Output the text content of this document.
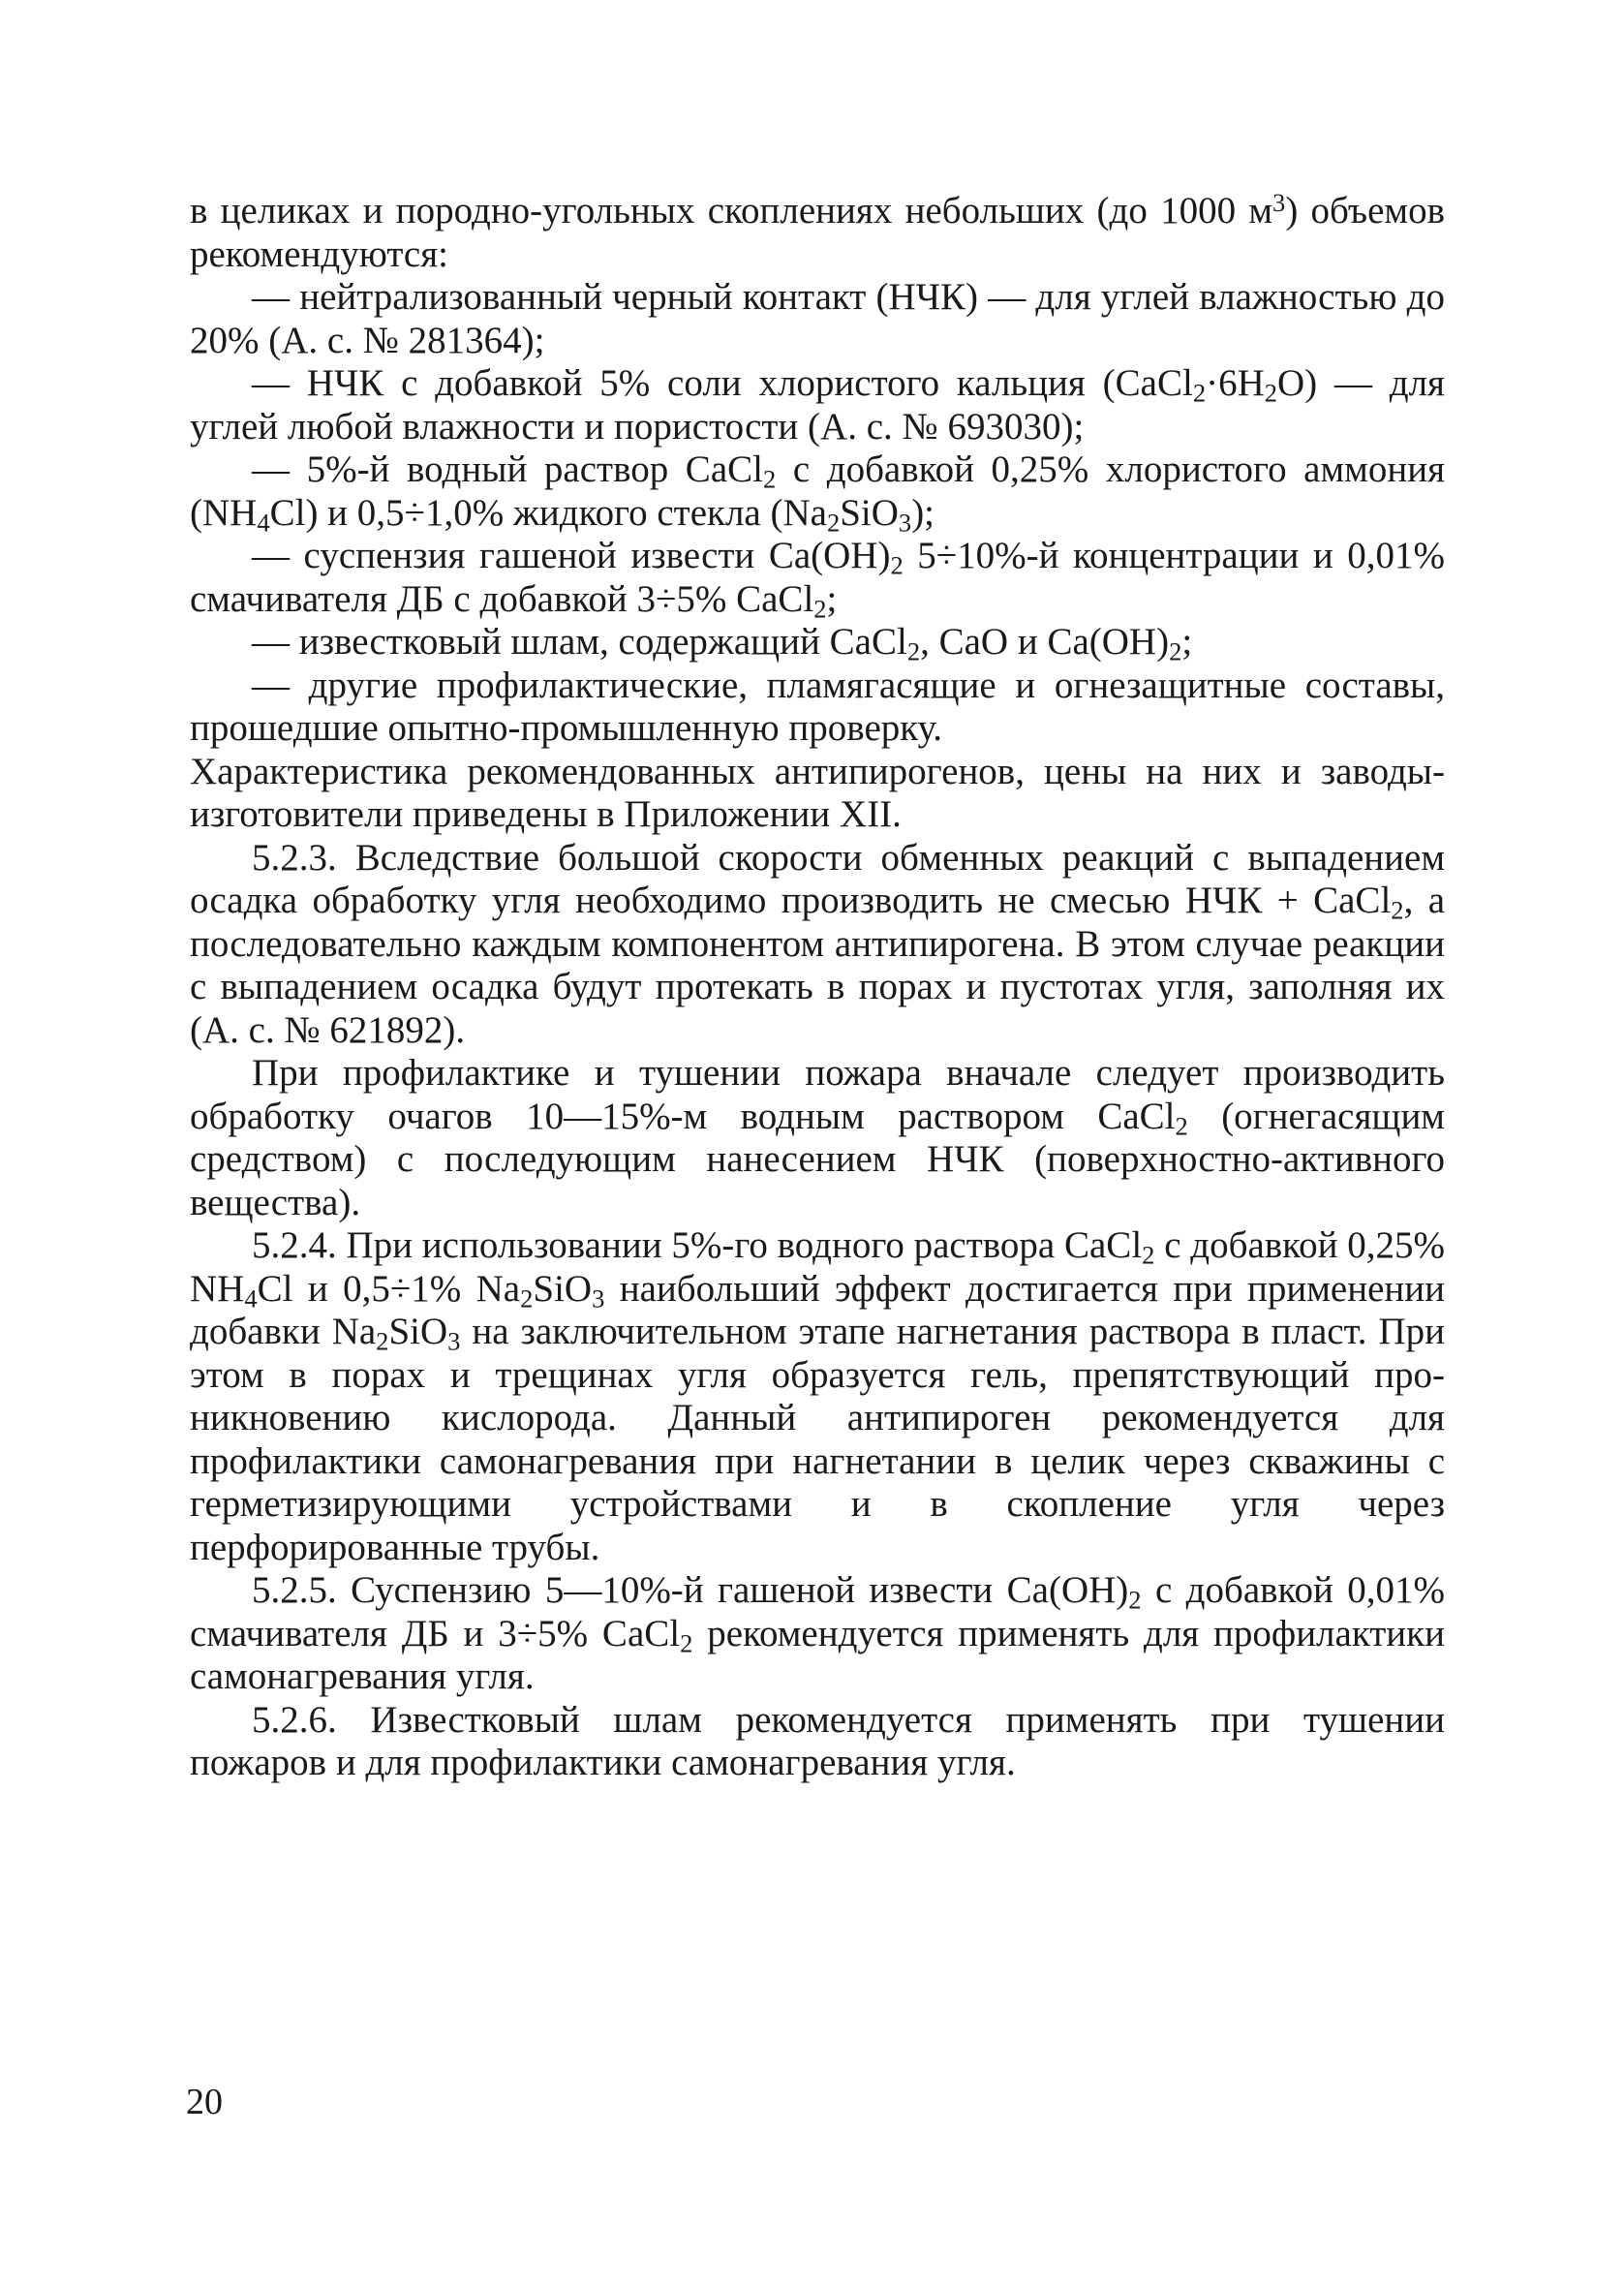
в целиках и породно-угольных скоплениях небольших (до 1000 $м^3$) объемов рекомендуются:

— нейтрализованный черный контакт (НЧК) — для углей влажностью до 20% (А. с. № 281364);

— НЧК с добавкой 5% соли хлористого кальция $(CaCl_2\cdot 6H_2O)$ — для углей любой влажности и пористости (А. с. № 693030);

— 5%-й водный раствор CaCl$_2$ с добавкой 0,25% хлористого аммония $(NH_4Cl)$ и 0,5÷1,0% жидкого стекла $(Na_2SiO_3)$;

— суспензия гашеной извести $Ca(OH)_2$ 5÷10%-й концентрации и 0,01% смачивателя ДБ с добавкой 3÷5% CaCl$_2$;

— известковый шлам, содержащий CaCl$_2$, CaO и $Ca(OH)_2$;

— другие профилактические, пламягасящие и огнезащитные составы, прошедшие опытно-промышленную проверку.

Характеристика рекомендованных антипирогенов, цены на них и заводы-изготовители приведены в Приложении XII.

5.2.3. Вследствие большой скорости обменных реакций с выпадением осадка обработку угля необходимо производить не смесью НЧК + CaCl$_2$, а последовательно каждым компонентом антипирогена. В этом случае реакции с выпадением осадка будут протекать в порах и пустотах угля, заполняя их (А. с. № 621892).

При профилактике и тушении пожара вначале следует производить обработку очагов 10—15%-м водным раствором CaCl$_2$ (огнегасящим средством) с последующим нанесением НЧК (поверхностно-активного вещества).

5.2.4. При использовании 5%-го водного раствора CaCl$_2$ с добавкой 0,25% $NH_4Cl$ и 0,5÷1% $Na_2SiO_3$ наибольший эффект достигается при применении добавки $Na_2SiO_3$ на заключительном этапе нагнетания раствора в пласт. При этом в порах и трещинах угля образуется гель, препятствующий проникновению кислорода. Данный антипироген рекомендуется для профилактики самонагревания при нагнетании в целик через скважины с герметизирующими устройствами и в скопление угля через перфорированные трубы.

5.2.5. Суспензию 5—10%-й гашеной извести $Ca(OH)_2$ с добавкой 0,01% смачивателя ДБ и 3÷5% CaCl$_2$ рекомендуется применять для профилактики самонагревания угля.

5.2.6. Известковый шлам рекомендуется применять при тушении пожаров и для профилактики самонагревания угля.

20
